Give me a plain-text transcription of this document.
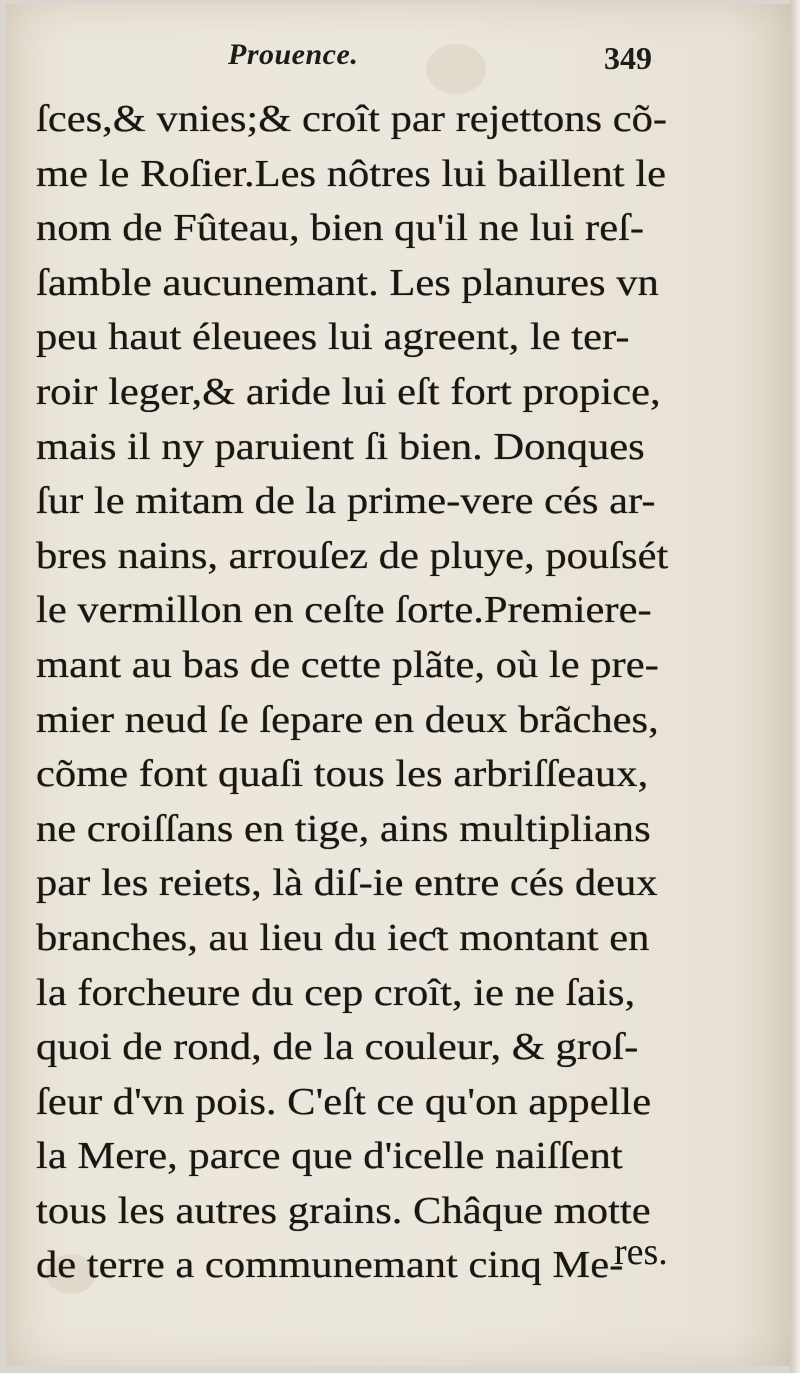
Prouence.	349
ſces,& vnies;& croît par rejettons cõ-
me le Roſier.Les nôtres lui baillent le
nom de Fûteau, bien qu'il ne lui reſ-
ſamble aucunemant. Les planures vn
peu haut éleuees lui agreent, le ter-
roir leger,& aride lui eſt fort propice,
mais il ny paruient ſi bien. Donques
ſur le mitam de la prime-vere cés ar-
bres nains, arrouſez de pluye, pouſsét
le vermillon en ceſte ſorte.Premiere-
mant au bas de cette plãte, où le pre-
mier neud ſe ſepare en deux brãches,
cõme font quaſi tous les arbriſſeaux,
ne croiſſans en tige, ains multiplians
par les reiets, là diſ-ie entre cés deux
branches, au lieu du ieƈt montant en
la forcheure du cep croît, ie ne ſais,
quoi de rond, de la couleur, & groſ-
ſeur d'vn pois. C'eſt ce qu'on appelle
la Mere, parce que d'icelle naiſſent
tous les autres grains. Châque motte
de terre a communemant cinq Me-
res.
